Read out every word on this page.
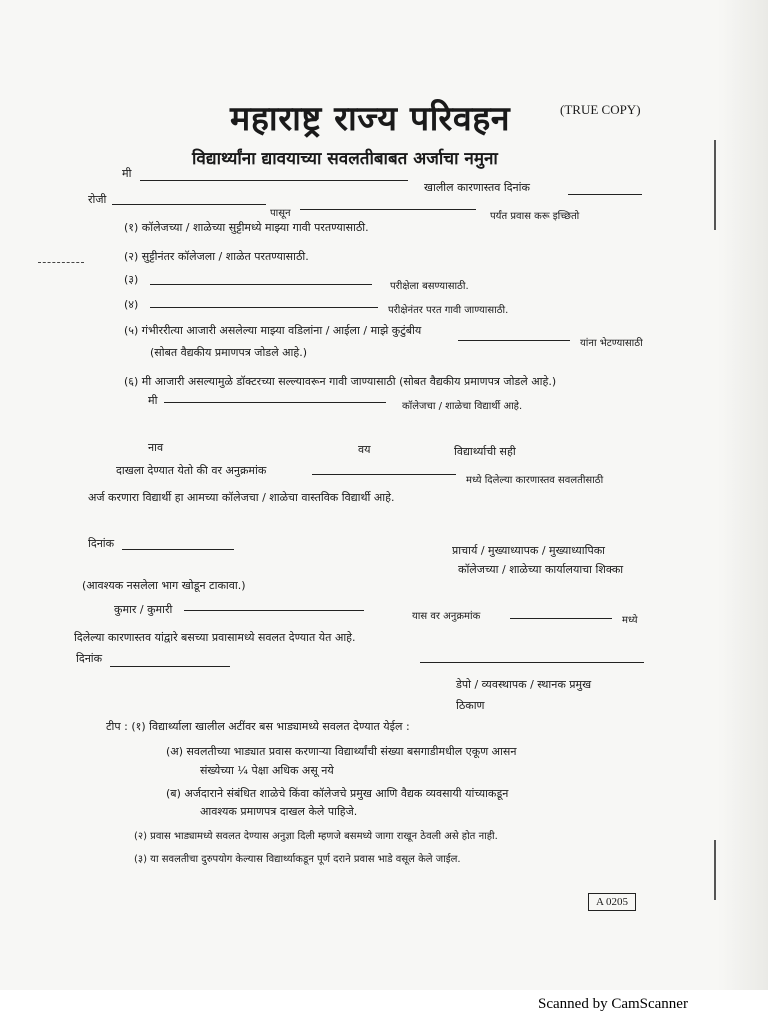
महाराष्ट्र राज्य परिवहन	(TRUE COPY)
विद्यार्थ्यांना द्यावयाच्या सवलतीबाबत अर्जाचा नमुना
मी
खालील कारणास्तव दिनांक
रोजी
पासून	पर्यंत प्रवास करू इच्छितो
(१) कॉलेजच्या / शाळेच्या सुट्टीमध्ये माझ्या गावी परतण्यासाठी.
(२) सुट्टीनंतर कॉलेजला / शाळेत परतण्यासाठी.
(३)
परीक्षेला बसण्यासाठी.
(४)	परीक्षेनंतर परत गावी जाण्यासाठी.
(५) गंभीररीत्या आजारी असलेल्या माझ्या वडिलांना / आईला / माझे कुटुंबीय
यांना भेटण्यासाठी
(सोबत वैद्यकीय प्रमाणपत्र जोडले आहे.)
(६) मी आजारी असल्यामुळे डॉक्टरच्या सल्ल्यावरून गावी जाण्यासाठी (सोबत वैद्यकीय प्रमाणपत्र जोडले आहे.)
मी	कॉलेजचा / शाळेचा विद्यार्थी आहे.
नाव	वय	विद्यार्थ्याची सही
दाखला देण्यात येतो की वर अनुक्रमांक
मध्ये दिलेल्या कारणास्तव सवलतीसाठी
अर्ज करणारा विद्यार्थी हा आमच्या कॉलेजचा / शाळेचा वास्तविक विद्यार्थी आहे.
दिनांक
प्राचार्य / मुख्याध्यापक / मुख्याध्यापिका
कॉलेजच्या / शाळेच्या कार्यालयाचा शिक्का
(आवश्यक नसलेला भाग खोडून टाकावा.)
कुमार / कुमारी
यास वर अनुक्रमांक	मध्ये
दिलेल्या कारणास्तव यांद्वारे बसच्या प्रवासामध्ये सवलत देण्यात येत आहे.
दिनांक
डेपो / व्यवस्थापक / स्थानक प्रमुख
ठिकाण
टीप : (१) विद्यार्थ्याला खालील अटींवर बस भाड्यामध्ये सवलत देण्यात येईल :
(अ) सवलतीच्या भाड्यात प्रवास करणाऱ्या विद्यार्थ्यांची संख्या बसगाडीमधील एकूण आसन
संख्येच्या ¼ पेक्षा अधिक असू नये
(ब) अर्जदाराने संबंधित शाळेचे किंवा कॉलेजचे प्रमुख आणि वैद्यक व्यवसायी यांच्याकडून
आवश्यक प्रमाणपत्र दाखल केले पाहिजे.
(२) प्रवास भाड्यामध्ये सवलत देण्यास अनुज्ञा दिली म्हणजे बसमध्ये जागा राखून ठेवली असे होत नाही.
(३) या सवलतीचा दुरुपयोग केल्यास विद्यार्थ्याकडून पूर्ण दराने प्रवास भाडे वसूल केले जाईल.
A 0205
Scanned by CamScanner
